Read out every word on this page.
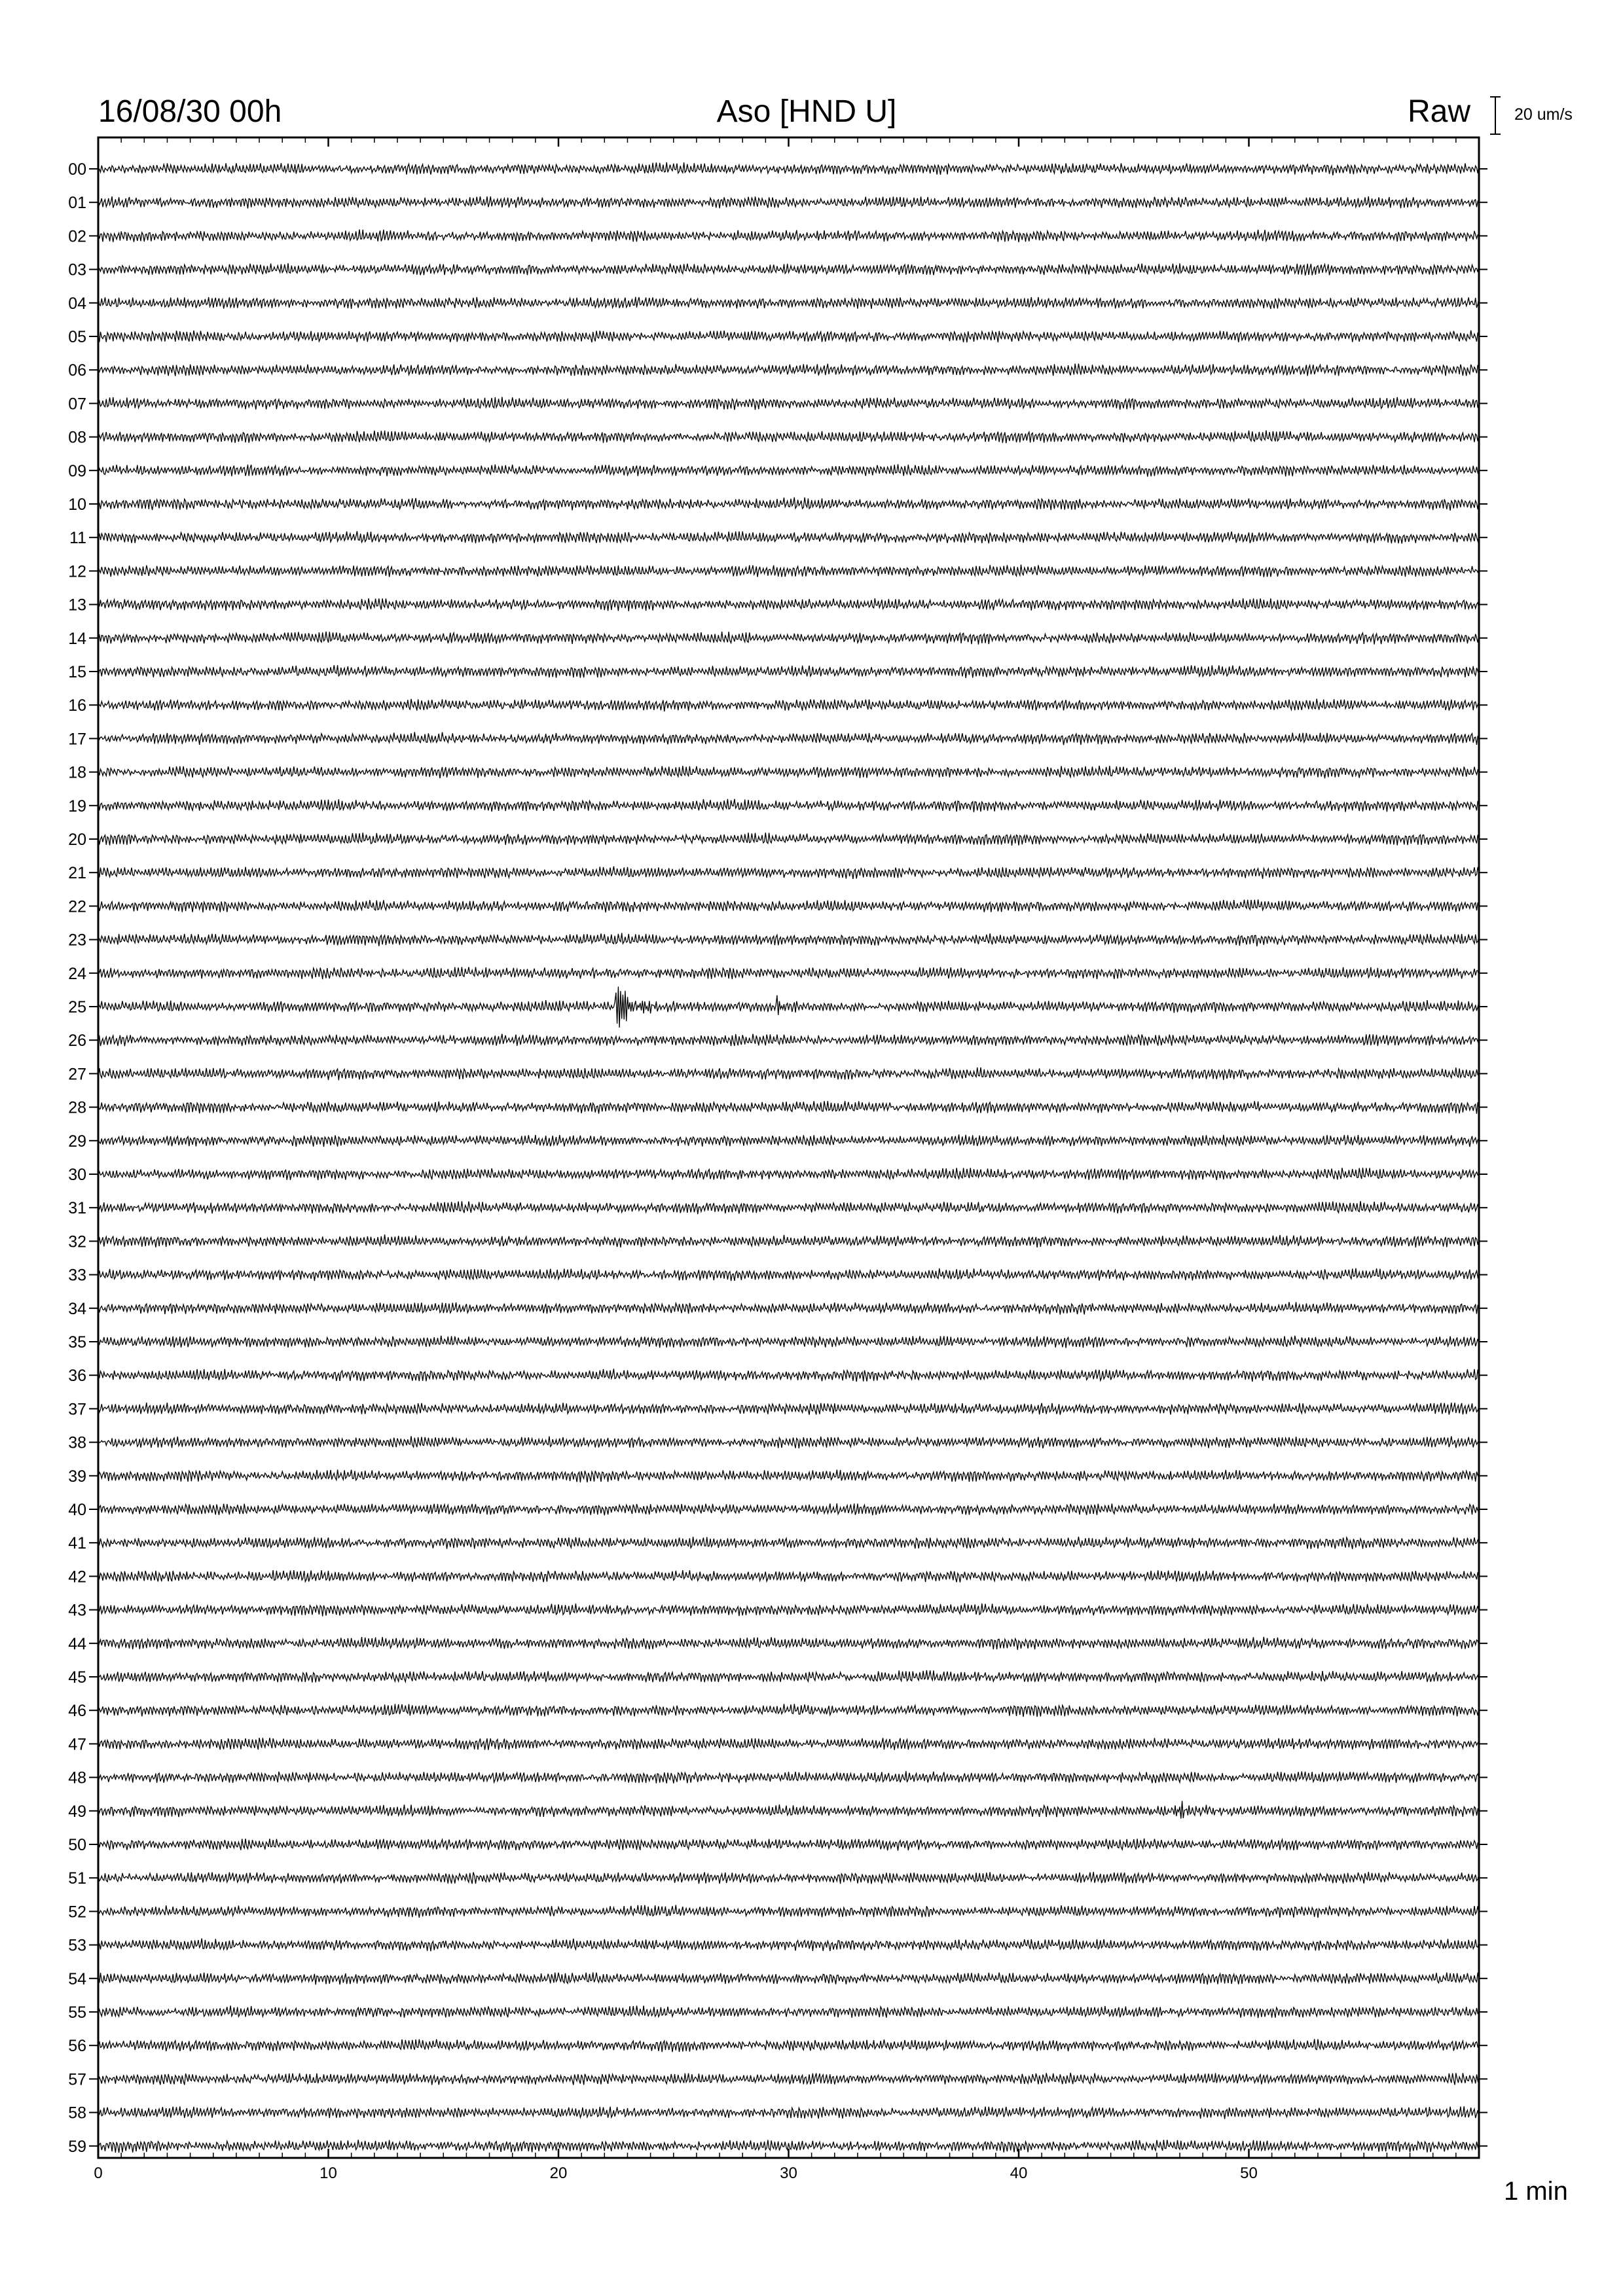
16/08/30 00h	Aso [HND U]	Raw	20 um/s
1 min
00
01
02
03
04
05
06
07
08
09
10
11
12
13
14
15
16
17
18
19
20
21
22
23
24
25
26
27
28
29
30
31
32
33
34
35
36
37
38
39
40
41
42
43
44
45
46
47
48
49
50
51
52
53
54
55
56
57
58
59
0	10	20	30	40	50
